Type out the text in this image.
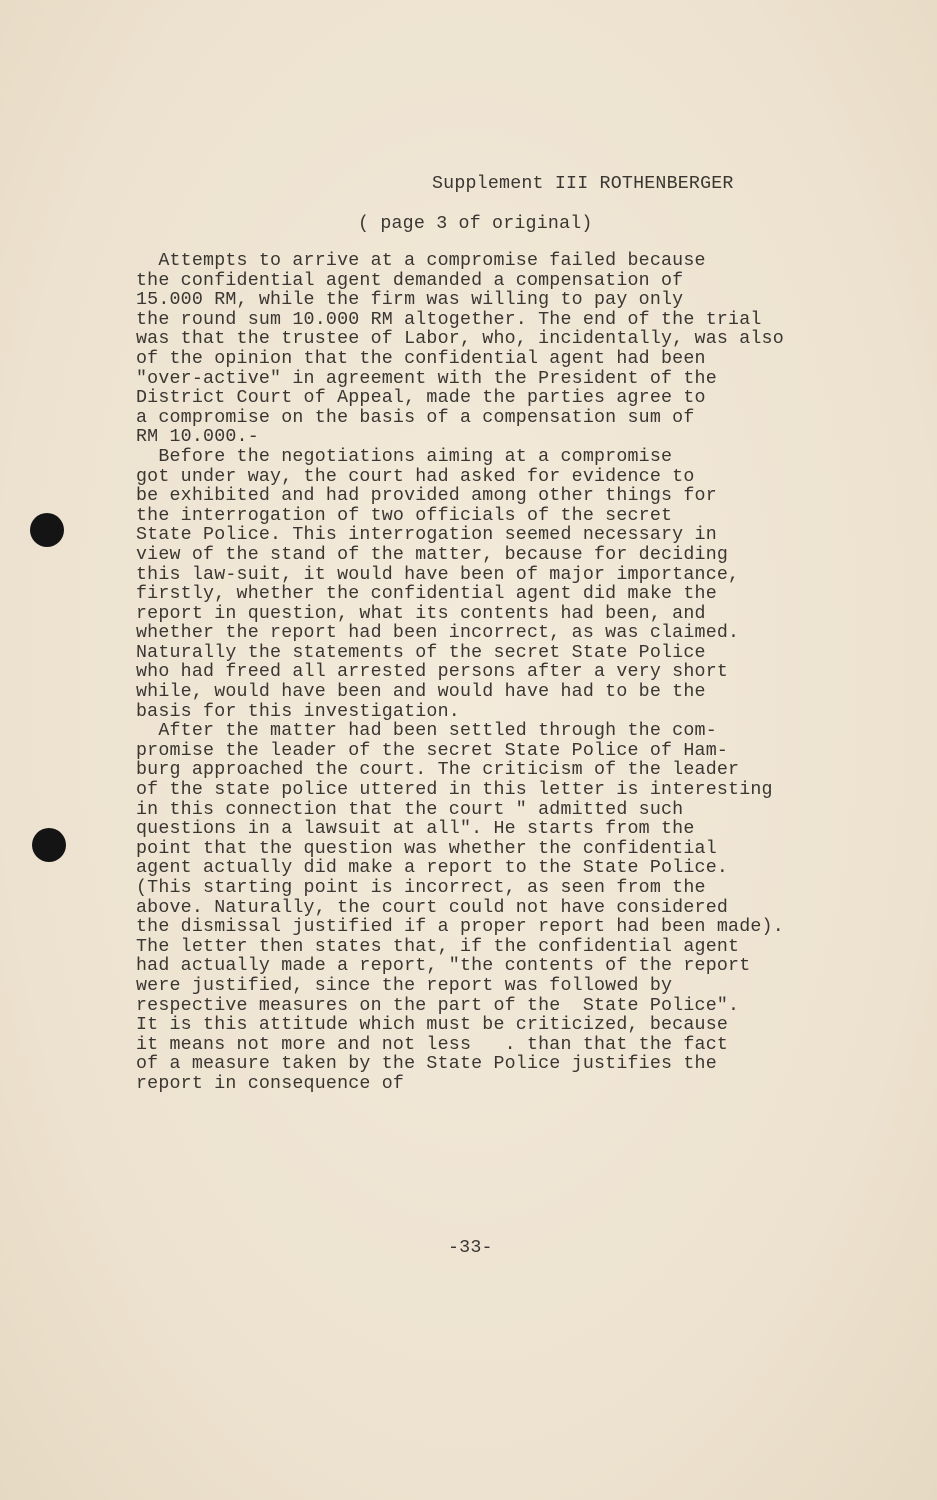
Supplement III ROTHENBERGER
( page 3 of original)
Attempts to arrive at a compromise failed because
the confidential agent demanded a compensation of
15.000 RM, while the firm was willing to pay only
the round sum 10.000 RM altogether. The end of the trial
was that the trustee of Labor, who, incidentally, was also
of the opinion that the confidential agent had been
"over-active" in agreement with the President of the
District Court of Appeal, made the parties agree to
a compromise on the basis of a compensation sum of
RM 10.000.-
Before the negotiations aiming at a compromise
got under way, the court had asked for evidence to
be exhibited and had provided among other things for
the interrogation of two officials of the secret
State Police. This interrogation seemed necessary in
view of the stand of the matter, because for deciding
this law-suit, it would have been of major importance,
firstly, whether the confidential agent did make the
report in question, what its contents had been, and
whether the report had been incorrect, as was claimed.
Naturally the statements of the secret State Police
who had freed all arrested persons after a very short
while, would have been and would have had to be the
basis for this investigation.
After the matter had been settled through the com-
promise the leader of the secret State Police of Ham-
burg approached the court. The criticism of the leader
of the state police uttered in this letter is interesting
in this connection that the court " admitted such
questions in a lawsuit at all". He starts from the
point that the question was whether the confidential
agent actually did make a report to the State Police.
(This starting point is incorrect, as seen from the
above. Naturally, the court could not have considered
the dismissal justified if a proper report had been made).
The letter then states that, if the confidential agent
had actually made a report, "the contents of the report
were justified, since the report was followed by
respective measures on the part of the  State Police".
It is this attitude which must be criticized, because
it means not more and not less   . than that the fact
of a measure taken by the State Police justifies the
report in consequence of
-33-
